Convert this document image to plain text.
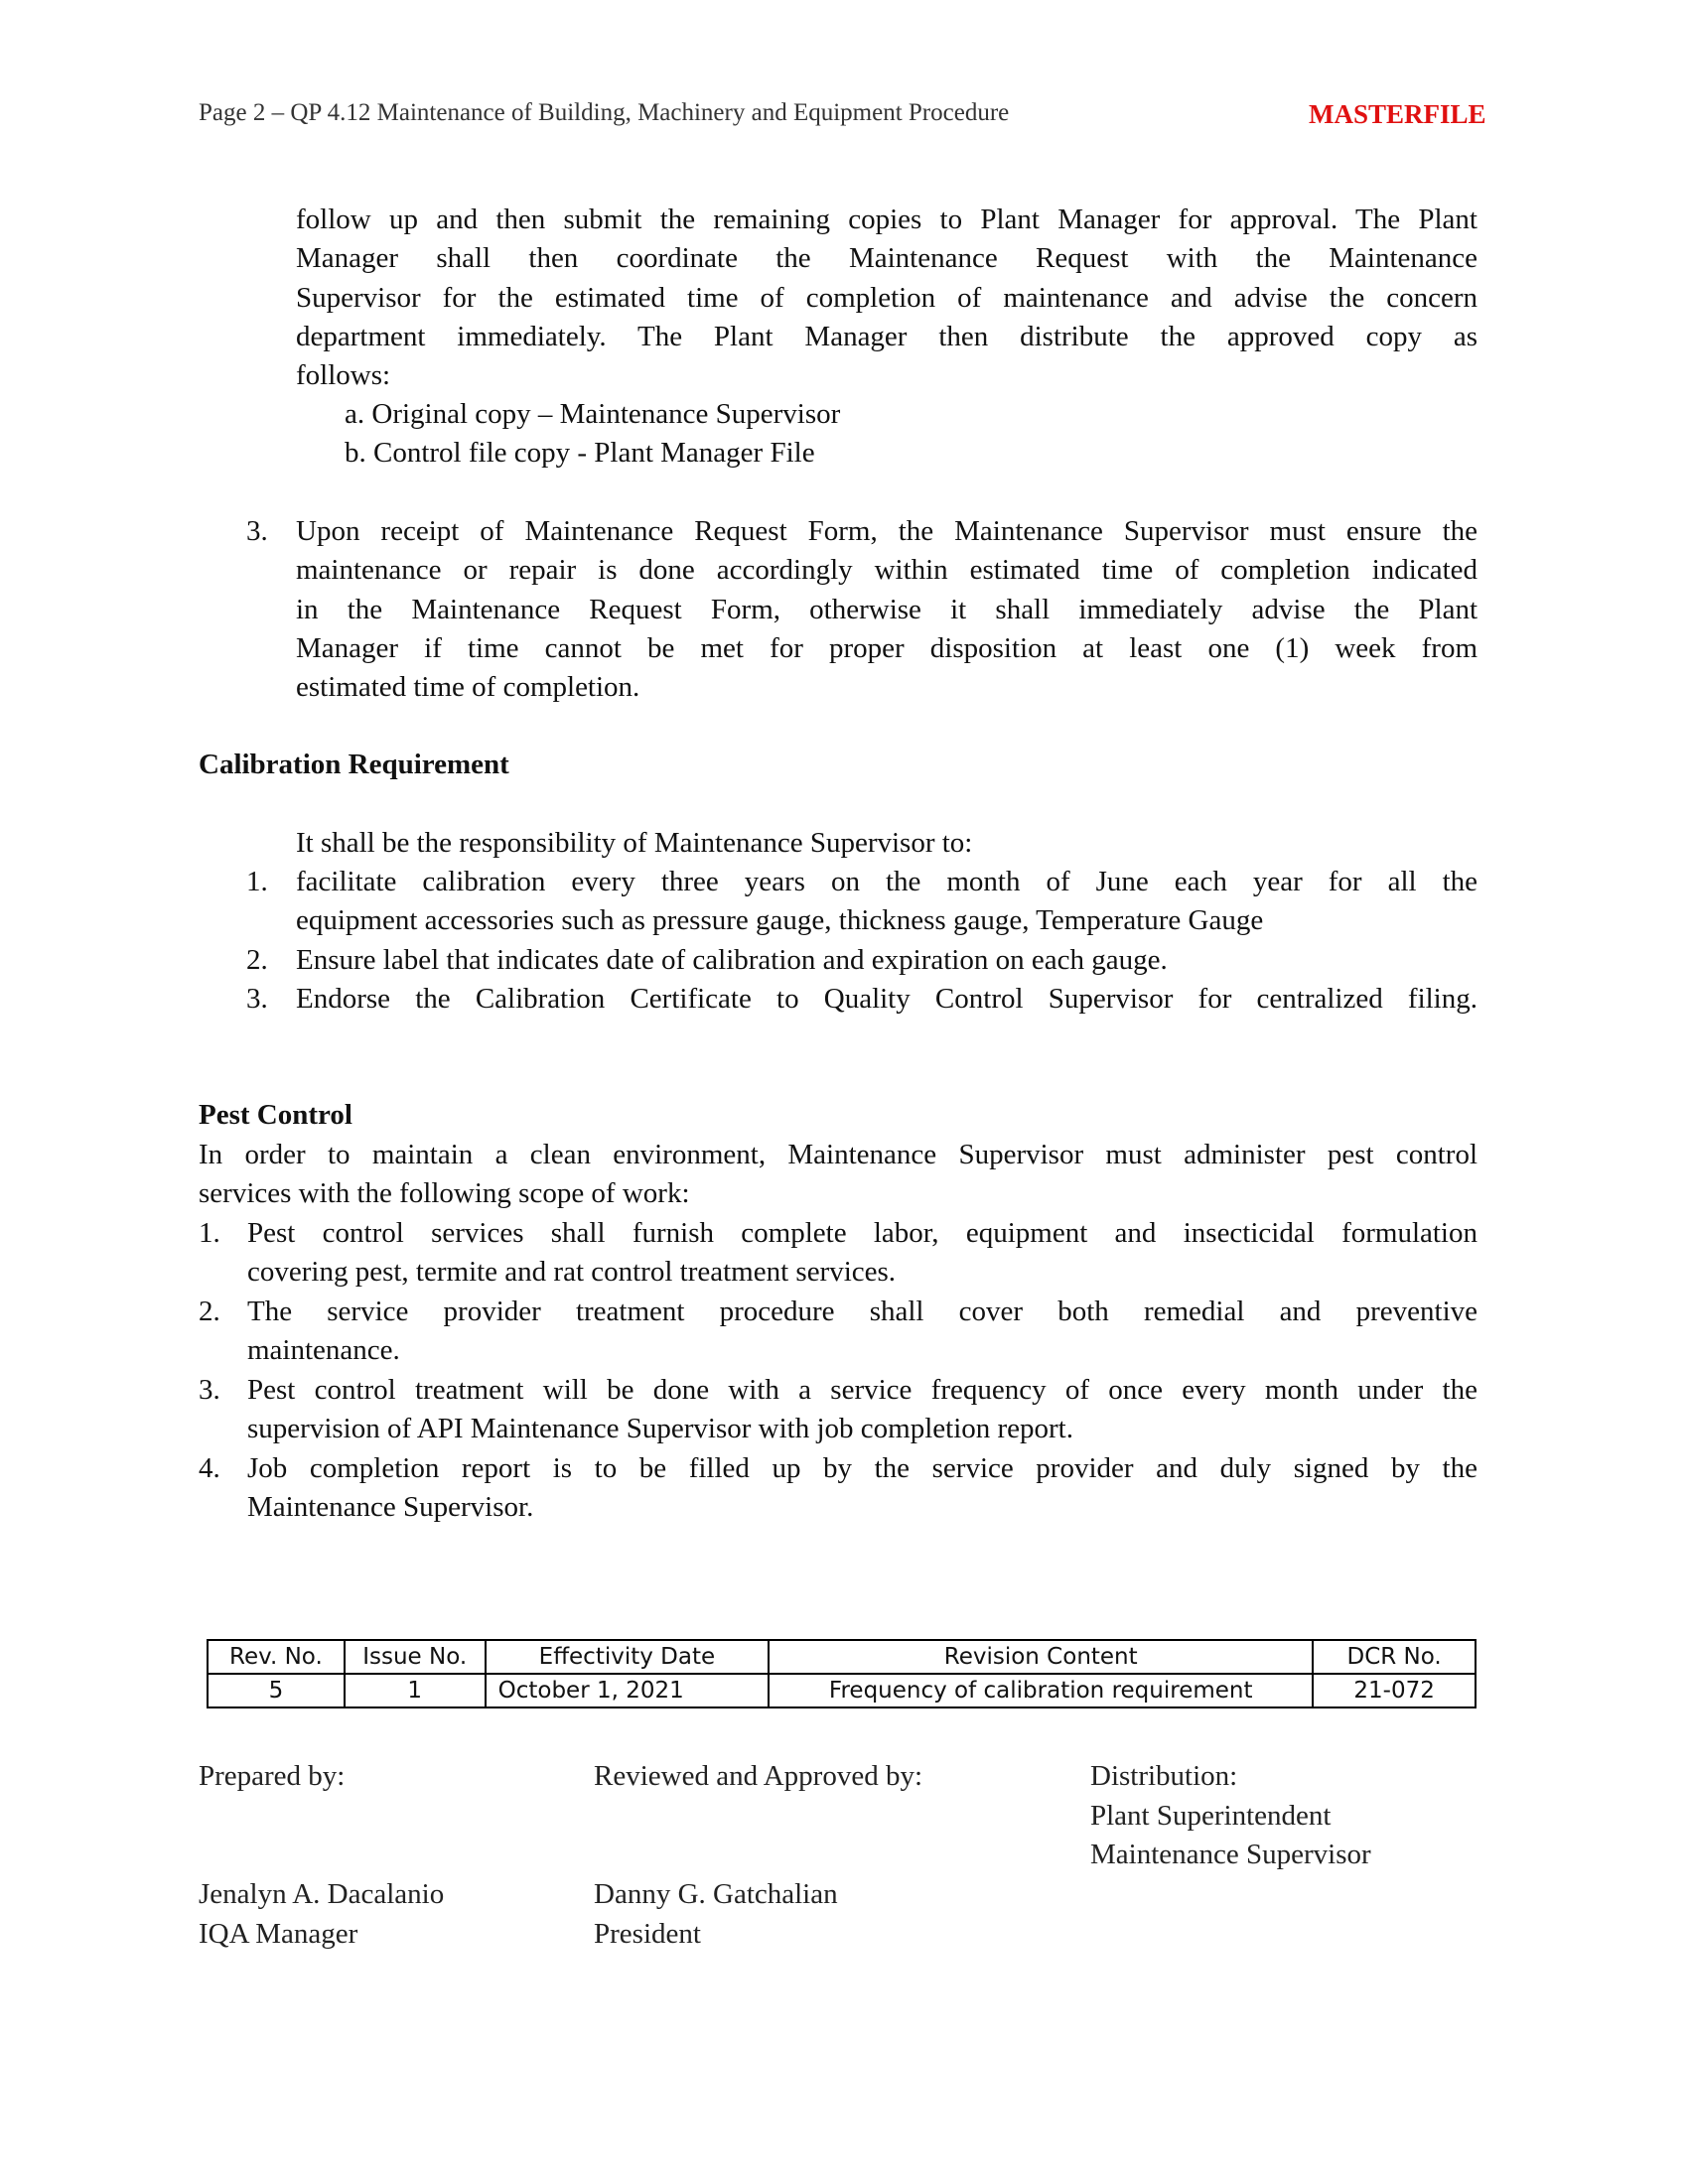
Page 2 – QP 4.12 Maintenance of Building, Machinery and Equipment Procedure	MASTERFILE
follow up and then submit the remaining copies to Plant Manager for approval. The Plant
Manager shall then coordinate the Maintenance Request with the Maintenance
Supervisor for the estimated time of completion of maintenance and advise the concern
department immediately. The Plant Manager then distribute the approved copy as
follows:
a. Original copy – Maintenance Supervisor
b. Control file copy - Plant Manager File
3. Upon receipt of Maintenance Request Form, the Maintenance Supervisor must ensure the
maintenance or repair is done accordingly within estimated time of completion indicated
in the Maintenance Request Form, otherwise it shall immediately advise the Plant
Manager if time cannot be met for proper disposition at least one (1) week from
estimated time of completion.
Calibration Requirement
It shall be the responsibility of Maintenance Supervisor to:
1. facilitate calibration every three years on the month of June each year for all the
equipment accessories such as pressure gauge, thickness gauge, Temperature Gauge
2. Ensure label that indicates date of calibration and expiration on each gauge.
3. Endorse the Calibration Certificate to Quality Control Supervisor for centralized filing.
Pest Control
In order to maintain a clean environment, Maintenance Supervisor must administer pest control
services with the following scope of work:
1. Pest control services shall furnish complete labor, equipment and insecticidal formulation
covering pest, termite and rat control treatment services.
2. The service provider treatment procedure shall cover both remedial and preventive
maintenance.
3. Pest control treatment will be done with a service frequency of once every month under the
supervision of API Maintenance Supervisor with job completion report.
4. Job completion report is to be filled up by the service provider and duly signed by the
Maintenance Supervisor.
Rev. No.	Issue No.	Effectivity Date	Revision Content	DCR No.
5	1	October 1, 2021	Frequency of calibration requirement	21-072
Prepared by:	Reviewed and Approved by:	Distribution:
Plant Superintendent
Maintenance Supervisor
Jenalyn A. Dacalanio
IQA Manager
Danny G. Gatchalian
President
